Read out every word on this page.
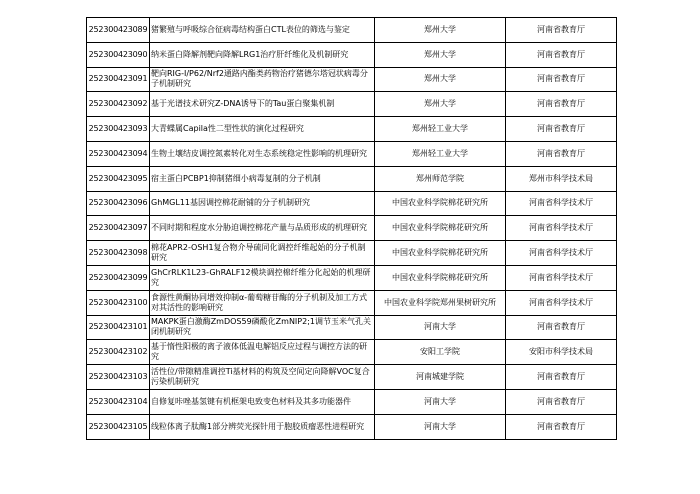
252300423089	猪繁殖与呼吸综合征病毒结构蛋白CTL表位的筛选与鉴定	郑州大学	河南省教育厅
252300423090	纳米蛋白降解剂靶向降解LRG1治疗肝纤维化及机制研究	郑州大学	河南省教育厅
252300423091	靶向RIG-I/P62/Nrf2通路内酯类药物治疗猪德尔塔冠状病毒分子机制研究	郑州大学	河南省教育厅
252300423092	基于光谱技术研究Z-DNA诱导下的Tau蛋白聚集机制	郑州大学	河南省教育厅
252300423093	大青蝶属Capila性二型性状的演化过程研究	郑州轻工业大学	河南省教育厅
252300423094	生物土壤结皮调控氮素转化对生态系统稳定性影响的机理研究	郑州轻工业大学	河南省教育厅
252300423095	宿主蛋白PCBP1抑制猪细小病毒复制的分子机制	郑州师范学院	郑州市科学技术局
252300423096	GhMGL11基因调控棉花耐铺的分子机制研究	中国农业科学院棉花研究所	河南省科学技术厅
252300423097	不同时期和程度水分胁迫调控棉花产量与品质形成的机理研究	中国农业科学院棉花研究所	河南省科学技术厅
252300423098	棉花APR2-OSH1复合物介导硫同化调控纤维起始的分子机制研究	中国农业科学院棉花研究所	河南省科学技术厅
252300423099	GhCrRLK1L23-GhRALF12模块调控棉纤维分化起始的机理研究	中国农业科学院棉花研究所	河南省科学技术厅
252300423100	食源性黄酮协同增效抑制α-葡萄糖苷酶的分子机制及加工方式对其活性的影响研究	中国农业科学院郑州果树研究所	河南省科学技术厅
252300423101	MAKPK蛋白激酶ZmDOS59磷酸化ZmNIP2;1调节玉米气孔关闭机制研究	河南大学	河南省教育厅
252300423102	基于惰性阳极的离子液体低温电解铝反应过程与调控方法的研究	安阳工学院	安阳市科学技术局
252300423103	活性位/带隙精准调控Ti基材料的构筑及空间定向降解VOC复合污染机制研究	河南城建学院	河南省教育厅
252300423104	自修复咔唑基氢键有机框架电致变色材料及其多功能器件	河南大学	河南省教育厅
252300423105	线粒体离子肽酶1部分辨荧光探针用于胞胶质瘤恶性进程研究	河南大学	河南省教育厅
